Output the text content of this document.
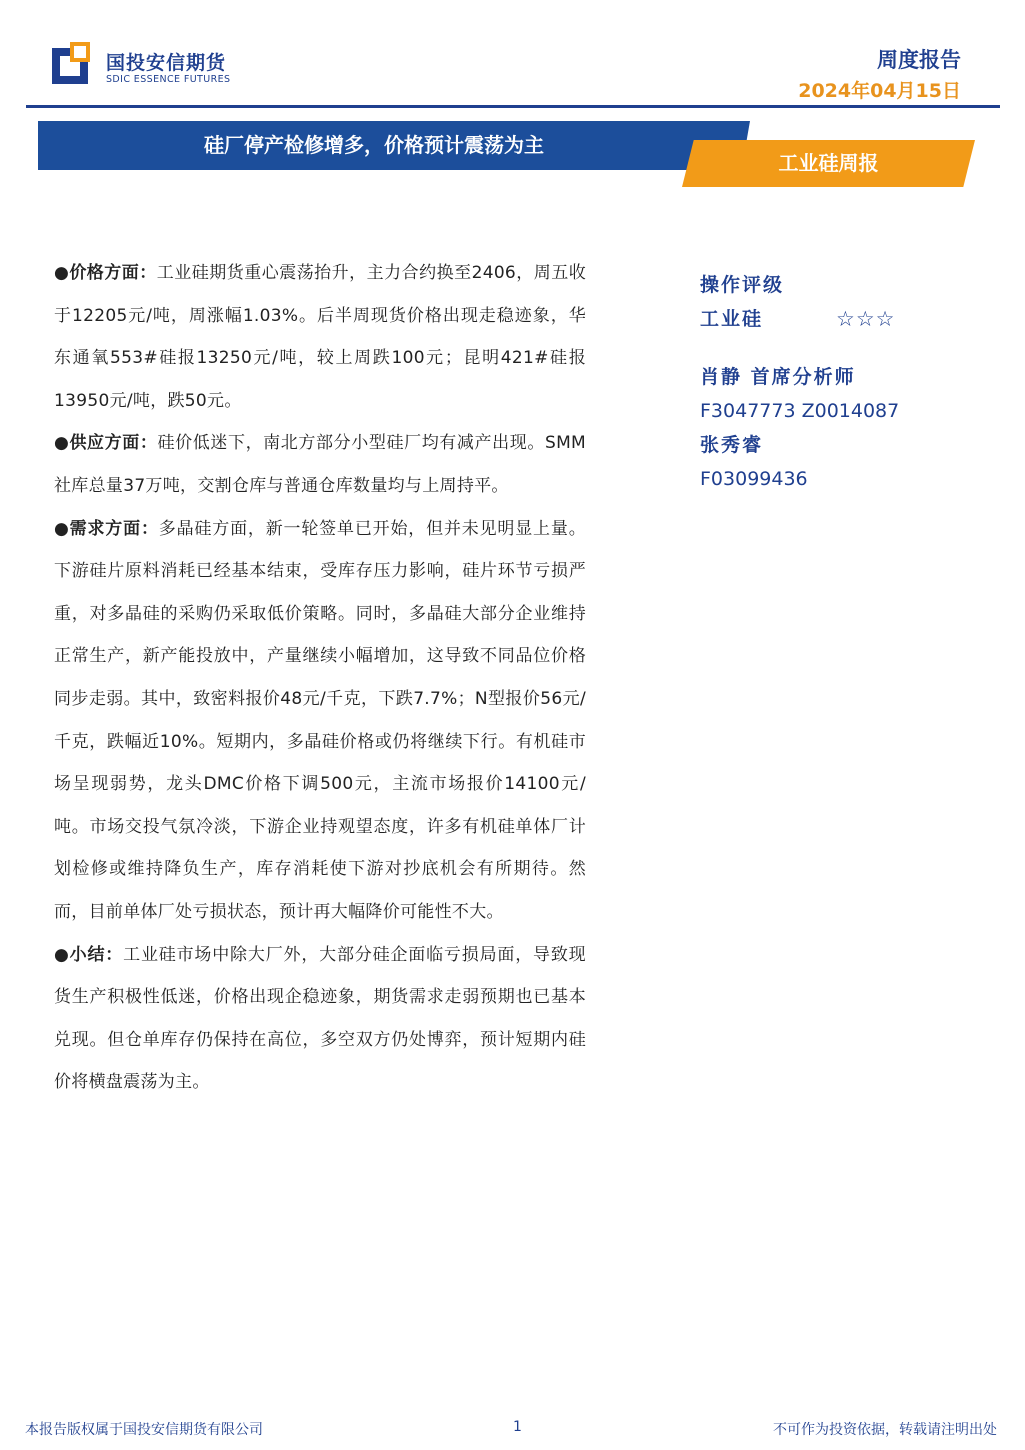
国投安信期货
SDIC ESSENCE FUTURES
周度报告
2024年04月15日
硅厂停产检修增多，价格预计震荡为主
工业硅周报

●价格方面：工业硅期货重心震荡抬升，主力合约换至2406，周五收于12205元/吨，周涨幅1.03%。后半周现货价格出现走稳迹象，华东通氧553#硅报13250元/吨，较上周跌100元；昆明421#硅报13950元/吨，跌50元。

●供应方面：硅价低迷下，南北方部分小型硅厂均有减产出现。SMM社库总量37万吨，交割仓库与普通仓库数量均与上周持平。

●需求方面：多晶硅方面，新一轮签单已开始，但并未见明显上量。下游硅片原料消耗已经基本结束，受库存压力影响，硅片环节亏损严重，对多晶硅的采购仍采取低价策略。同时，多晶硅大部分企业维持正常生产，新产能投放中，产量继续小幅增加，这导致不同品位价格同步走弱。其中，致密料报价48元/千克，下跌7.7%；N型报价56元/千克，跌幅近10%。短期内，多晶硅价格或仍将继续下行。有机硅市场呈现弱势，龙头DMC价格下调500元，主流市场报价14100元/吨。市场交投气氛冷淡，下游企业持观望态度，许多有机硅单体厂计划检修或维持降负生产，库存消耗使下游对抄底机会有所期待。然而，目前单体厂处亏损状态，预计再大幅降价可能性不大。

●小结：工业硅市场中除大厂外，大部分硅企面临亏损局面，导致现货生产积极性低迷，价格出现企稳迹象，期货需求走弱预期也已基本兑现。但仓单库存仍保持在高位，多空双方仍处博弈，预计短期内硅价将横盘震荡为主。

操作评级
工业硅	☆☆☆
肖静 首席分析师
F3047773 Z0014087
张秀睿
F03099436
本报告版权属于国投安信期货有限公司	1	不可作为投资依据，转载请注明出处
